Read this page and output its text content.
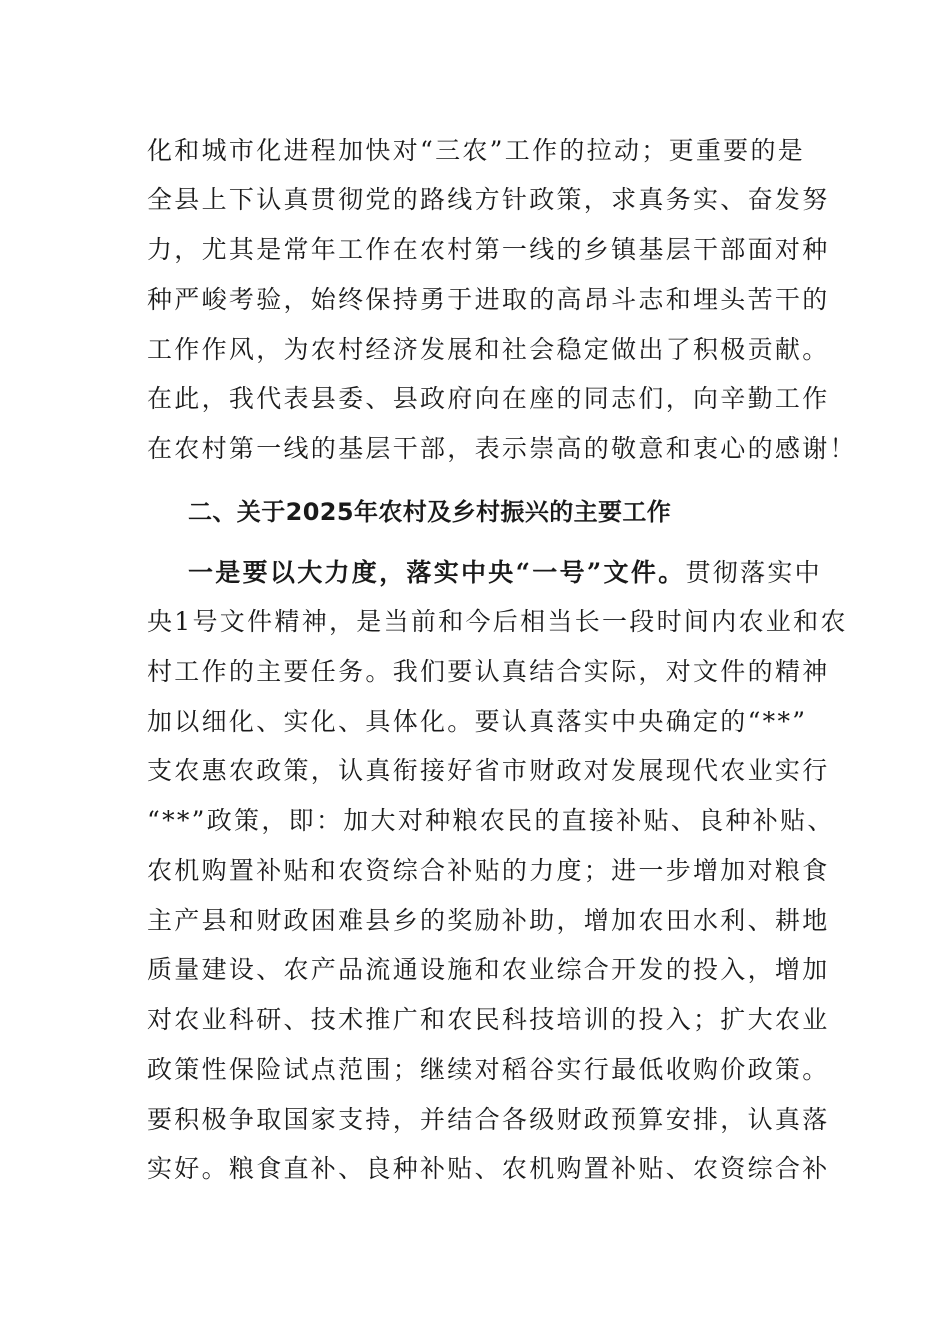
化和城市化进程加快对“三农”工作的拉动；更重要的是
全县上下认真贯彻党的路线方针政策，求真务实、奋发努
力，尤其是常年工作在农村第一线的乡镇基层干部面对种
种严峻考验，始终保持勇于进取的高昂斗志和埋头苦干的
工作作风，为农村经济发展和社会稳定做出了积极贡献。
在此，我代表县委、县政府向在座的同志们，向辛勤工作
在农村第一线的基层干部，表示崇高的敬意和衷心的感谢！
二、关于2025年农村及乡村振兴的主要工作
一是要以大力度，落实中央“一号”文件。贯彻落实中
央1号文件精神，是当前和今后相当长一段时间内农业和农
村工作的主要任务。我们要认真结合实际，对文件的精神
加以细化、实化、具体化。要认真落实中央确定的“**”
支农惠农政策，认真衔接好省市财政对发展现代农业实行
“**”政策，即：加大对种粮农民的直接补贴、良种补贴、
农机购置补贴和农资综合补贴的力度；进一步增加对粮食
主产县和财政困难县乡的奖励补助，增加农田水利、耕地
质量建设、农产品流通设施和农业综合开发的投入，增加
对农业科研、技术推广和农民科技培训的投入；扩大农业
政策性保险试点范围；继续对稻谷实行最低收购价政策。
要积极争取国家支持，并结合各级财政预算安排，认真落
实好。粮食直补、良种补贴、农机购置补贴、农资综合补
